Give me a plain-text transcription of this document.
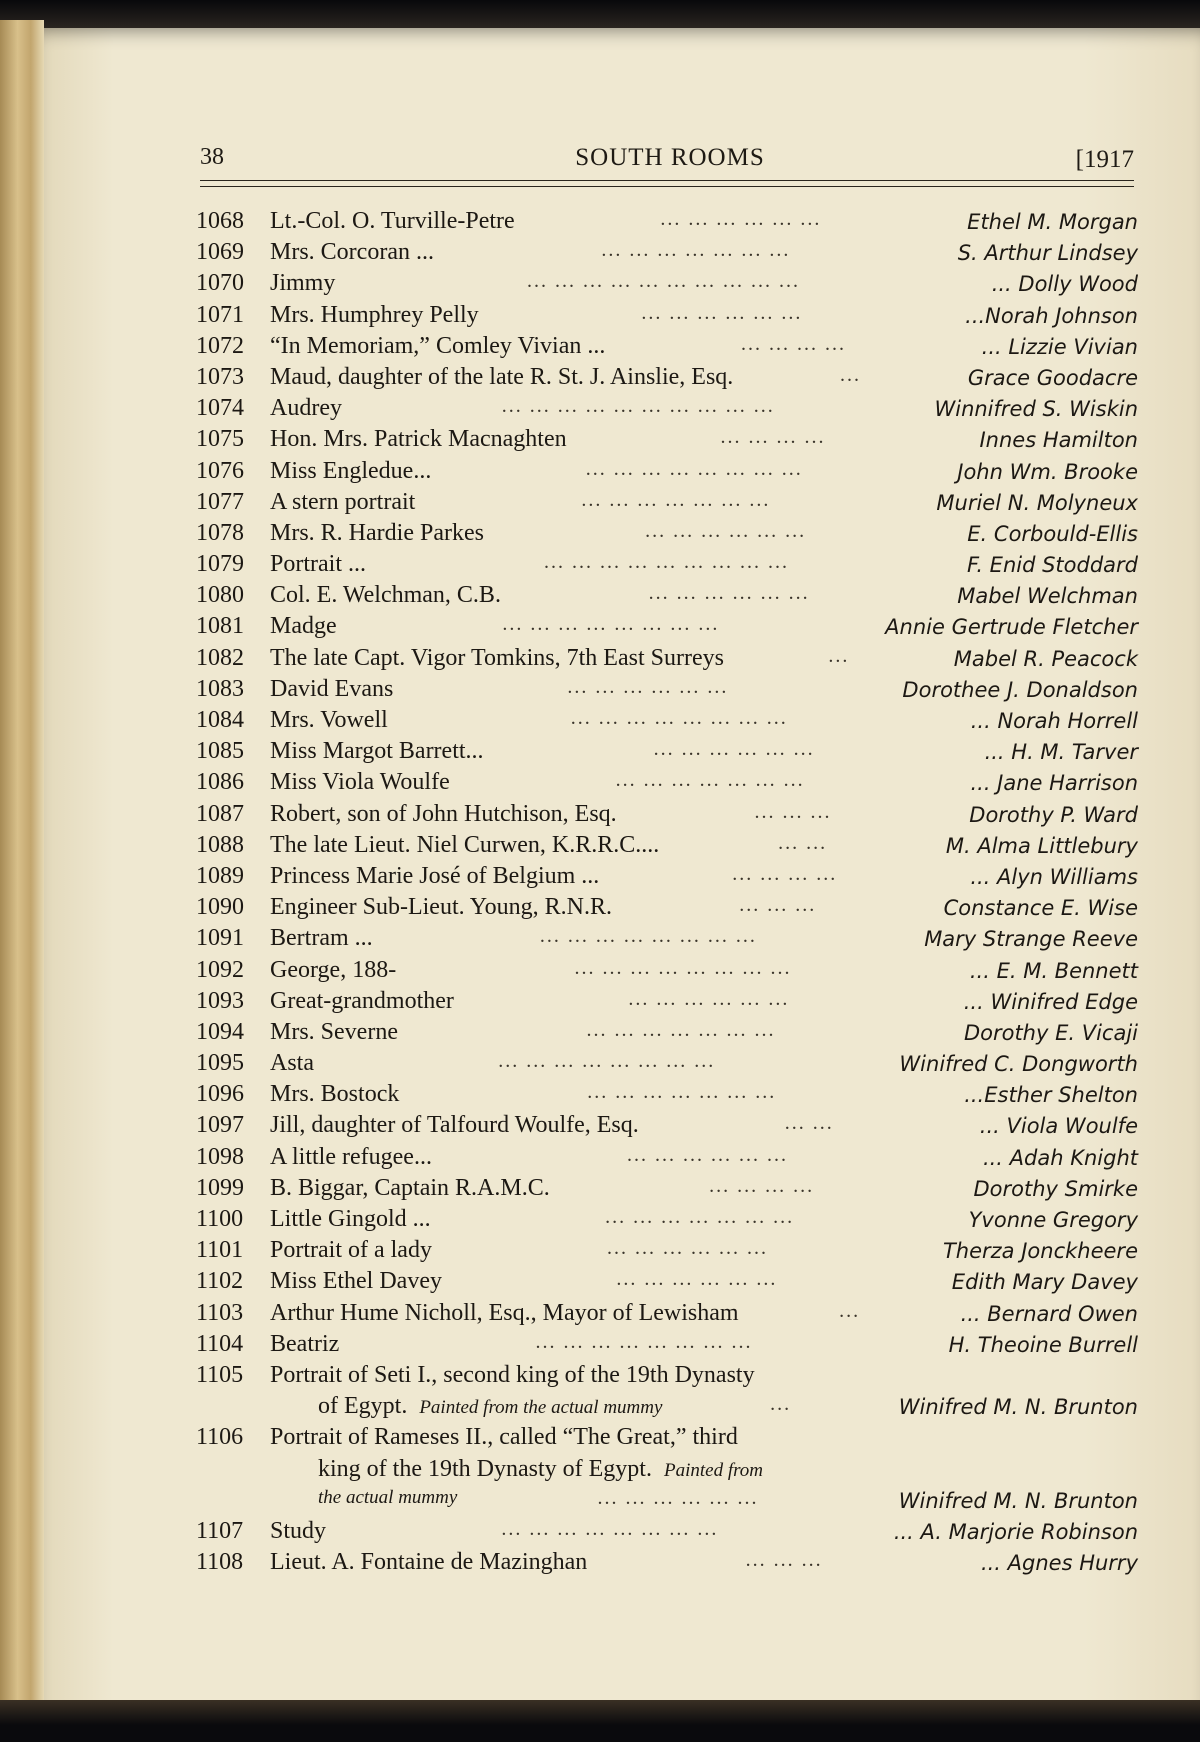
38	SOUTH ROOMS	[1917
1068	Lt.-Col. O. Turville-Petre	... ... ... ... ... ...	Ethel M. Morgan
1069	Mrs. Corcoran ...	... ... ... ... ... ... ...	S. Arthur Lindsey
1070	Jimmy	... ... ... ... ... ... ... ... ... ...	... Dolly Wood
1071	Mrs. Humphrey Pelly	... ... ... ... ... ...	...Norah Johnson
1072	“In Memoriam,” Comley Vivian ...	... ... ... ...	... Lizzie Vivian
1073	Maud, daughter of the late R. St. J. Ainslie, Esq.	...	Grace Goodacre
1074	Audrey	... ... ... ... ... ... ... ... ... ...	Winnifred S. Wiskin
1075	Hon. Mrs. Patrick Macnaghten	... ... ... ...	Innes Hamilton
1076	Miss Engledue...	... ... ... ... ... ... ... ...	John Wm. Brooke
1077	A stern portrait	... ... ... ... ... ... ...	Muriel N. Molyneux
1078	Mrs. R. Hardie Parkes	... ... ... ... ... ...	E. Corbould-Ellis
1079	Portrait ...	... ... ... ... ... ... ... ... ...	F. Enid Stoddard
1080	Col. E. Welchman, C.B.	... ... ... ... ... ...	Mabel Welchman
1081	Madge	... ... ... ... ... ... ... ...	Annie Gertrude Fletcher
1082	The late Capt. Vigor Tomkins, 7th East Surreys	...	Mabel R. Peacock
1083	David Evans	... ... ... ... ... ...	Dorothee J. Donaldson
1084	Mrs. Vowell	... ... ... ... ... ... ... ...	... Norah Horrell
1085	Miss Margot Barrett...	... ... ... ... ... ...	... H. M. Tarver
1086	Miss Viola Woulfe	... ... ... ... ... ... ...	... Jane Harrison
1087	Robert, son of John Hutchison, Esq.	... ... ...	Dorothy P. Ward
1088	The late Lieut. Niel Curwen, K.R.R.C....	... ...	M. Alma Littlebury
1089	Princess Marie José of Belgium ...	... ... ... ...	... Alyn Williams
1090	Engineer Sub-Lieut. Young, R.N.R.	... ... ...	Constance E. Wise
1091	Bertram ...	... ... ... ... ... ... ... ...	Mary Strange Reeve
1092	George, 188-	... ... ... ... ... ... ... ...	... E. M. Bennett
1093	Great-grandmother	... ... ... ... ... ...	... Winifred Edge
1094	Mrs. Severne	... ... ... ... ... ... ...	Dorothy E. Vicaji
1095	Asta	... ... ... ... ... ... ... ...	Winifred C. Dongworth
1096	Mrs. Bostock	... ... ... ... ... ... ...	...Esther Shelton
1097	Jill, daughter of Talfourd Woulfe, Esq.	... ...	... Viola Woulfe
1098	A little refugee...	... ... ... ... ... ...	... Adah Knight
1099	B. Biggar, Captain R.A.M.C.	... ... ... ...	Dorothy Smirke
1100	Little Gingold ...	... ... ... ... ... ... ...	Yvonne Gregory
1101	Portrait of a lady	... ... ... ... ... ...	Therza Jonckheere
1102	Miss Ethel Davey	... ... ... ... ... ...	Edith Mary Davey
1103	Arthur Hume Nicholl, Esq., Mayor of Lewisham	...	... Bernard Owen
1104	Beatriz	... ... ... ... ... ... ... ...	H. Theoine Burrell
1105	Portrait of Seti I., second king of the 19th Dynasty
of Egypt. Painted from the actual mummy	...	Winifred M. N. Brunton
1106	Portrait of Rameses II., called “The Great,” third
king of the 19th Dynasty of Egypt. Painted from
the actual mummy	... ... ... ... ... ...	Winifred M. N. Brunton
1107	Study	... ... ... ... ... ... ... ...	... A. Marjorie Robinson
1108	Lieut. A. Fontaine de Mazinghan	... ... ...	... Agnes Hurry
